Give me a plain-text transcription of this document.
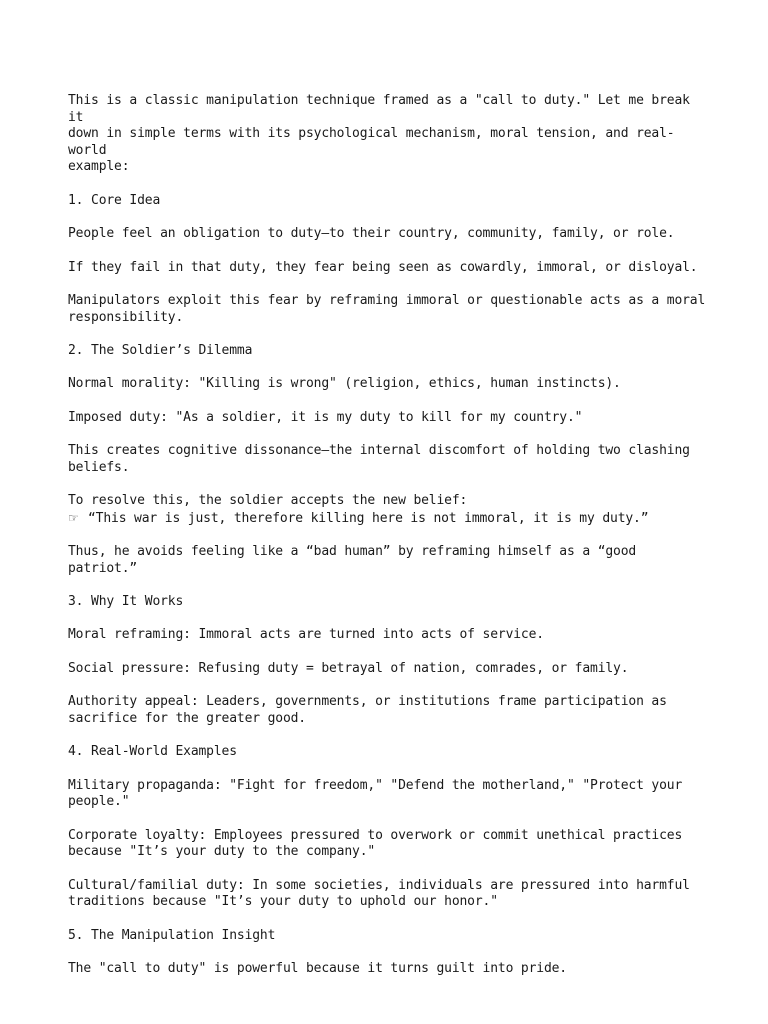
This is a classic manipulation technique framed as a "call to duty." Let me break it
down in simple terms with its psychological mechanism, moral tension, and real-world
example:
1. Core Idea
People feel an obligation to duty—to their country, community, family, or role.
If they fail in that duty, they fear being seen as cowardly, immoral, or disloyal.
Manipulators exploit this fear by reframing immoral or questionable acts as a moral
responsibility.
2. The Soldier’s Dilemma
Normal morality: "Killing is wrong" (religion, ethics, human instincts).
Imposed duty: "As a soldier, it is my duty to kill for my country."
This creates cognitive dissonance—the internal discomfort of holding two clashing
beliefs.
To resolve this, the soldier accepts the new belief:
☞ “This war is just, therefore killing here is not immoral, it is my duty.”
Thus, he avoids feeling like a “bad human” by reframing himself as a “good patriot.”
3. Why It Works
Moral reframing: Immoral acts are turned into acts of service.
Social pressure: Refusing duty = betrayal of nation, comrades, or family.
Authority appeal: Leaders, governments, or institutions frame participation as
sacrifice for the greater good.
4. Real-World Examples
Military propaganda: "Fight for freedom," "Defend the motherland," "Protect your
people."
Corporate loyalty: Employees pressured to overwork or commit unethical practices
because "It’s your duty to the company."
Cultural/familial duty: In some societies, individuals are pressured into harmful
traditions because "It’s your duty to uphold our honor."
5. The Manipulation Insight
The "call to duty" is powerful because it turns guilt into pride.
